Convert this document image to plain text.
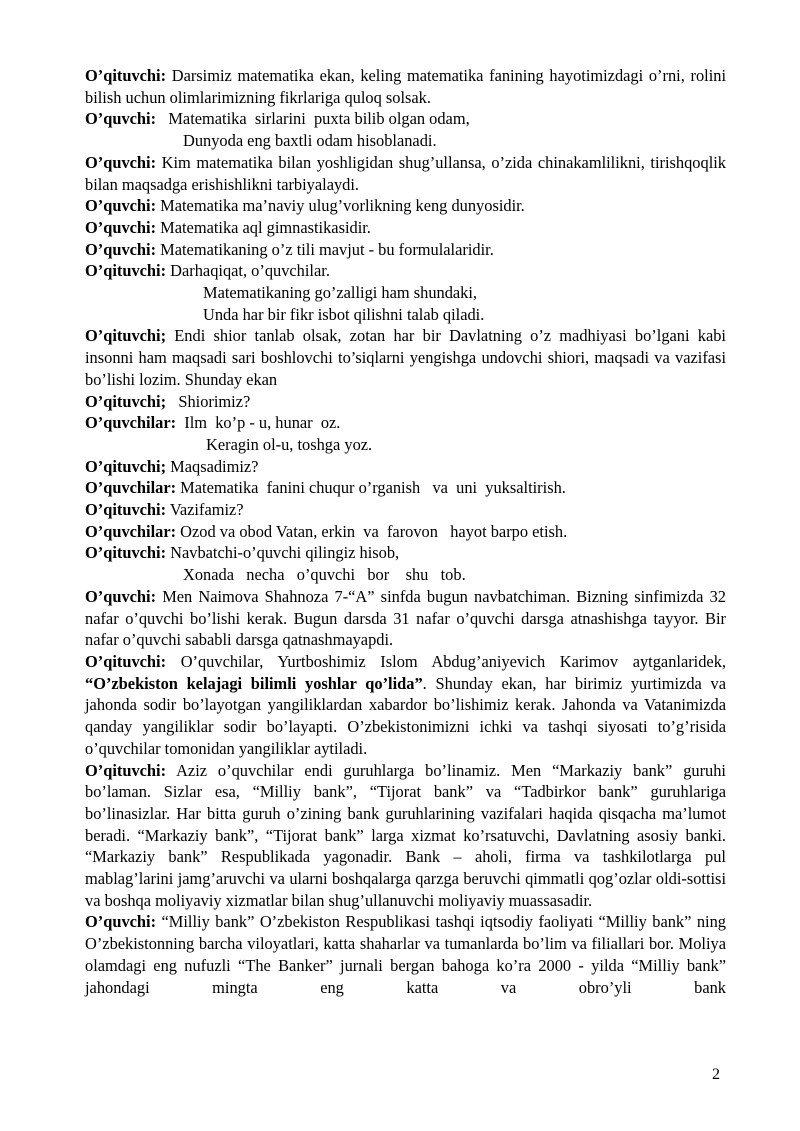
O’qituvchi: Darsimiz matematika ekan, keling matematika fanining hayotimizdagi o’rni, rolini bilish uchun olimlarimizning fikrlariga quloq solsak.

O’quvchi:   Matematika  sirlarini  puxta bilib olgan odam,

Dunyoda eng baxtli odam hisoblanadi.

O’quvchi: Kim matematika bilan yoshligidan shug’ullansa, o’zida chinakamlilikni, tirishqoqlik bilan maqsadga erishishlikni tarbiyalaydi.

O’quvchi: Matematika ma’naviy ulug’vorlikning keng dunyosidir.

O’quvchi: Matematika aql gimnastikasidir.

O’quvchi: Matematikaning o’z tili mavjut - bu formulalaridir.

O’qituvchi: Darhaqiqat, o’quvchilar.

Matematikaning go’zalligi ham shundaki,

Unda har bir fikr isbot qilishni talab qiladi.

O’qituvchi; Endi shior tanlab olsak, zotan har bir Davlatning o’z madhiyasi bo’lgani kabi insonni ham maqsadi sari boshlovchi to’siqlarni yengishga undovchi shiori, maqsadi va vazifasi bo’lishi lozim. Shunday ekan

O’qituvchi;   Shiorimiz?

O’quvchilar:  Ilm  ko’p - u, hunar  oz.

Keragin ol-u, toshga yoz.

O’qituvchi; Maqsadimiz?

O’quvchilar: Matematika  fanini chuqur o’rganish   va  uni  yuksaltirish.

O’qituvchi: Vazifamiz?

O’quvchilar: Ozod va obod Vatan, erkin  va  farovon   hayot barpo etish.

O’qituvchi: Navbatchi-o’quvchi qilingiz hisob,

Xonada   necha   o’quvchi   bor    shu   tob.

O’quvchi: Men Naimova Shahnoza 7-“A” sinfda bugun navbatchiman. Bizning sinfimizda 32 nafar o’quvchi bo’lishi kerak. Bugun darsda 31 nafar o’quvchi darsga atnashishga tayyor. Bir nafar o’quvchi sababli darsga qatnashmayapdi.

O’qituvchi: O’quvchilar, Yurtboshimiz Islom Abdug’aniyevich Karimov aytganlaridek, “O’zbekiston kelajagi bilimli yoshlar qo’lida”. Shunday ekan, har birimiz yurtimizda va jahonda sodir bo’layotgan yangiliklardan xabardor bo’lishimiz kerak. Jahonda va Vatanimizda qanday yangiliklar sodir bo’layapti. O’zbekistonimizni ichki va tashqi siyosati to’g’risida o’quvchilar tomonidan yangiliklar aytiladi.

O’qituvchi: Aziz o’quvchilar endi guruhlarga bo’linamiz. Men “Markaziy bank” guruhi bo’laman. Sizlar esa, “Milliy bank”, “Tijorat bank” va “Tadbirkor bank” guruhlariga bo’linasizlar. Har bitta guruh o’zining bank guruhlarining vazifalari haqida qisqacha ma’lumot beradi. “Markaziy bank”, “Tijorat bank” larga xizmat ko’rsatuvchi, Davlatning asosiy banki. “Markaziy bank” Respublikada yagonadir. Bank – aholi, firma va tashkilotlarga pul mablag’larini jamg’aruvchi va ularni boshqalarga qarzga beruvchi qimmatli qog’ozlar oldi-sottisi va boshqa moliyaviy xizmatlar bilan shug’ullanuvchi moliyaviy muassasadir.

O’quvchi: “Milliy bank” O’zbekiston Respublikasi tashqi iqtsodiy faoliyati “Milliy bank” ning O’zbekistonning barcha viloyatlari, katta shaharlar va tumanlarda bo’lim va filiallari bor. Moliya olamdagi eng nufuzli “The Banker” jurnali bergan bahoga ko’ra 2000 - yilda “Milliy bank” jahondagi mingta eng katta va obro’yli bank

2
